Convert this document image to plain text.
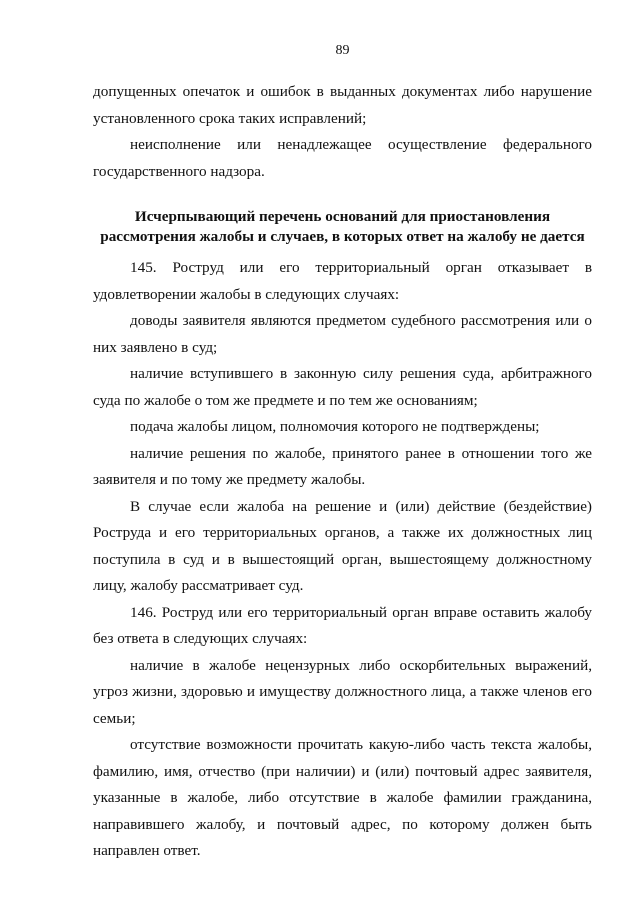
89

допущенных опечаток и ошибок в выданных документах либо нарушение установленного срока таких исправлений;

неисполнение или ненадлежащее осуществление федерального государственного надзора.

Исчерпывающий перечень оснований для приостановления
рассмотрения жалобы и случаев, в которых ответ на жалобу не дается

145. Роструд или его территориальный орган отказывает в удовлетворении жалобы в следующих случаях:

доводы заявителя являются предметом судебного рассмотрения или о них заявлено в суд;

наличие вступившего в законную силу решения суда, арбитражного суда по жалобе о том же предмете и по тем же основаниям;

подача жалобы лицом, полномочия которого не подтверждены;

наличие решения по жалобе, принятого ранее в отношении того же заявителя и по тому же предмету жалобы.

В случае если жалоба на решение и (или) действие (бездействие) Роструда и его территориальных органов, а также их должностных лиц поступила в суд и в вышестоящий орган, вышестоящему должностному лицу, жалобу рассматривает суд.

146. Роструд или его территориальный орган вправе оставить жалобу без ответа в следующих случаях:

наличие в жалобе нецензурных либо оскорбительных выражений, угроз жизни, здоровью и имуществу должностного лица, а также членов его семьи;

отсутствие возможности прочитать какую-либо часть текста жалобы, фамилию, имя, отчество (при наличии) и (или) почтовый адрес заявителя, указанные в жалобе, либо отсутствие в жалобе фамилии гражданина, направившего жалобу, и почтовый адрес, по которому должен быть направлен ответ.
